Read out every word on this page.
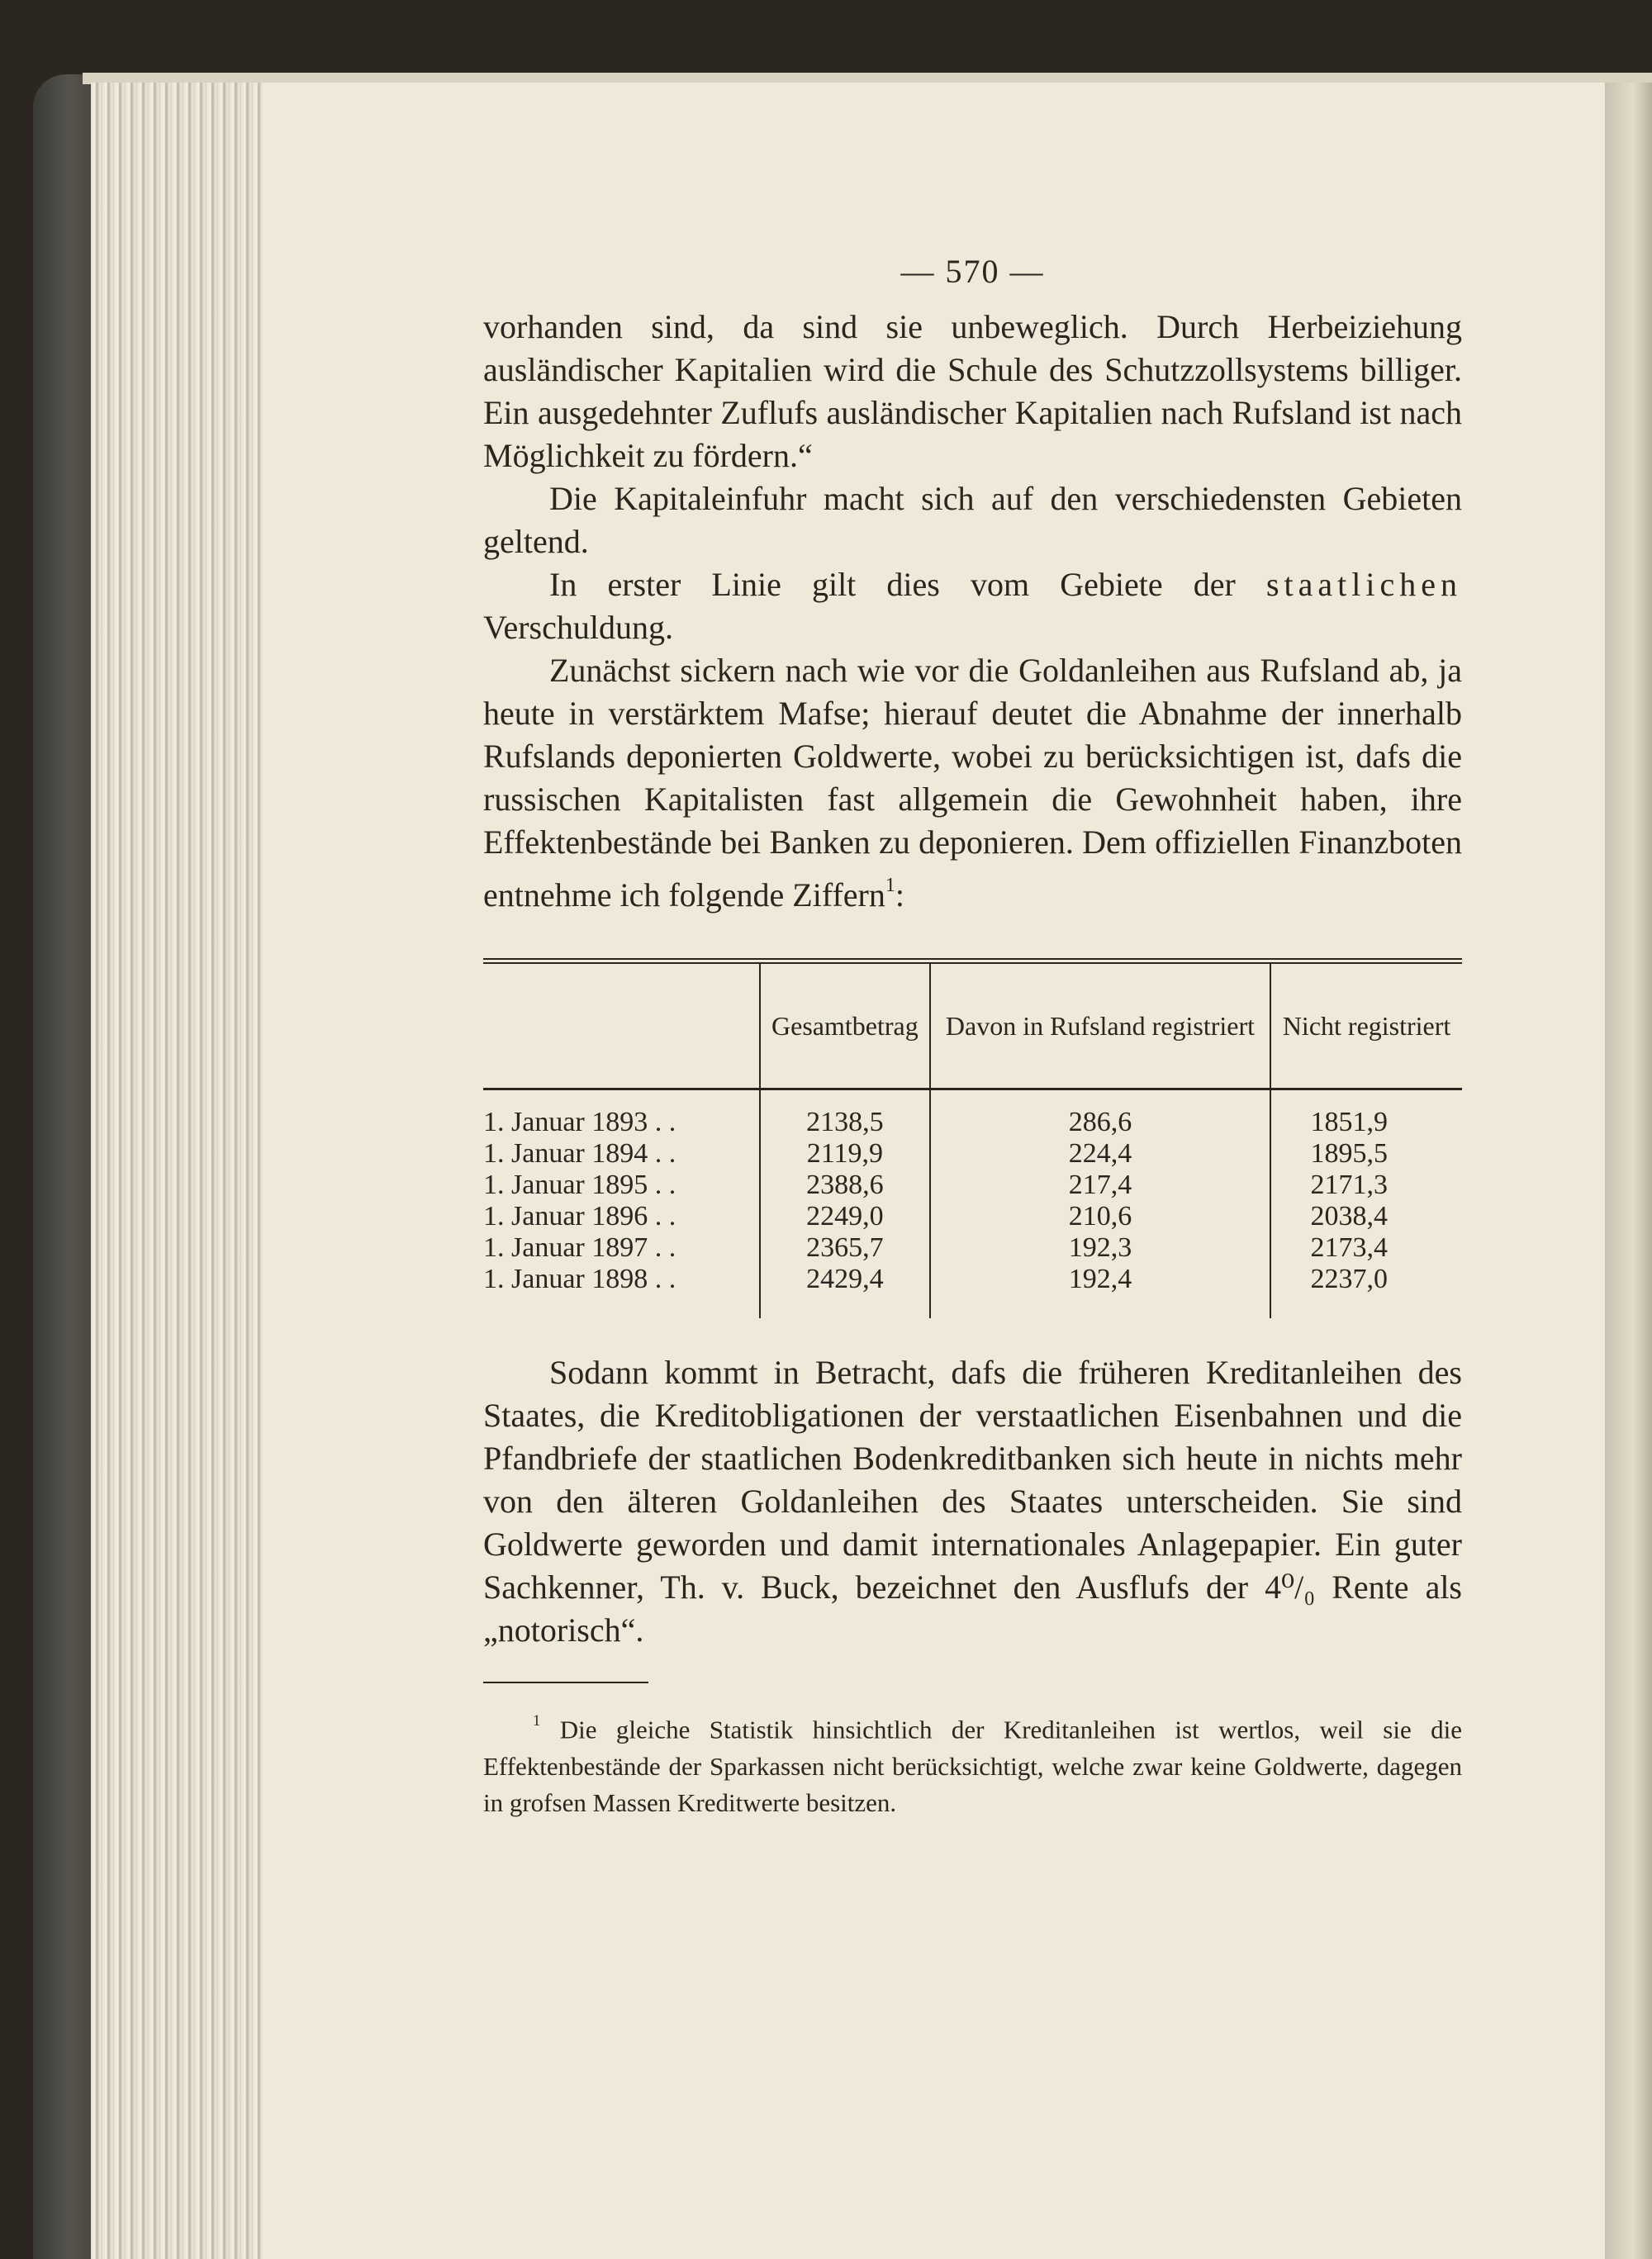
— 570 —

vorhanden sind, da sind sie unbeweglich. Durch Herbeiziehung ausländischer Kapitalien wird die Schule des Schutzzollsystems billiger. Ein ausgedehnter Zuflufs ausländischer Kapitalien nach Rufsland ist nach Möglichkeit zu fördern.“

Die Kapitaleinfuhr macht sich auf den verschiedensten Gebieten geltend.

In erster Linie gilt dies vom Gebiete der staatlichen Verschuldung.

Zunächst sickern nach wie vor die Goldanleihen aus Rufsland ab, ja heute in verstärktem Mafse; hierauf deutet die Abnahme der innerhalb Rufslands deponierten Goldwerte, wobei zu berücksichtigen ist, dafs die russischen Kapitalisten fast allgemein die Gewohnheit haben, ihre Effektenbestände bei Banken zu deponieren. Dem offiziellen Finanzboten entnehme ich folgende Ziffern$^1$:

	Gesamtbetrag	Davon in Rufsland registriert	Nicht registriert
1. Januar 1893 . .	2138,5	286,6	1851,9
1. Januar 1894 . .	2119,9	224,4	1895,5
1. Januar 1895 . .	2388,6	217,4	2171,3
1. Januar 1896 . .	2249,0	210,6	2038,4
1. Januar 1897 . .	2365,7	192,3	2173,4
1. Januar 1898 . .	2429,4	192,4	2237,0

Sodann kommt in Betracht, dafs die früheren Kreditanleihen des Staates, die Kreditobligationen der verstaatlichen Eisenbahnen und die Pfandbriefe der staatlichen Bodenkreditbanken sich heute in nichts mehr von den älteren Goldanleihen des Staates unterscheiden. Sie sind Goldwerte geworden und damit internationales Anlagepapier. Ein guter Sachkenner, Th. v. Buck, bezeichnet den Ausflufs der 4⁰/₀ Rente als „notorisch“.

$^1$ Die gleiche Statistik hinsichtlich der Kreditanleihen ist wertlos, weil sie die Effektenbestände der Sparkassen nicht berücksichtigt, welche zwar keine Goldwerte, dagegen in grofsen Massen Kreditwerte besitzen.
